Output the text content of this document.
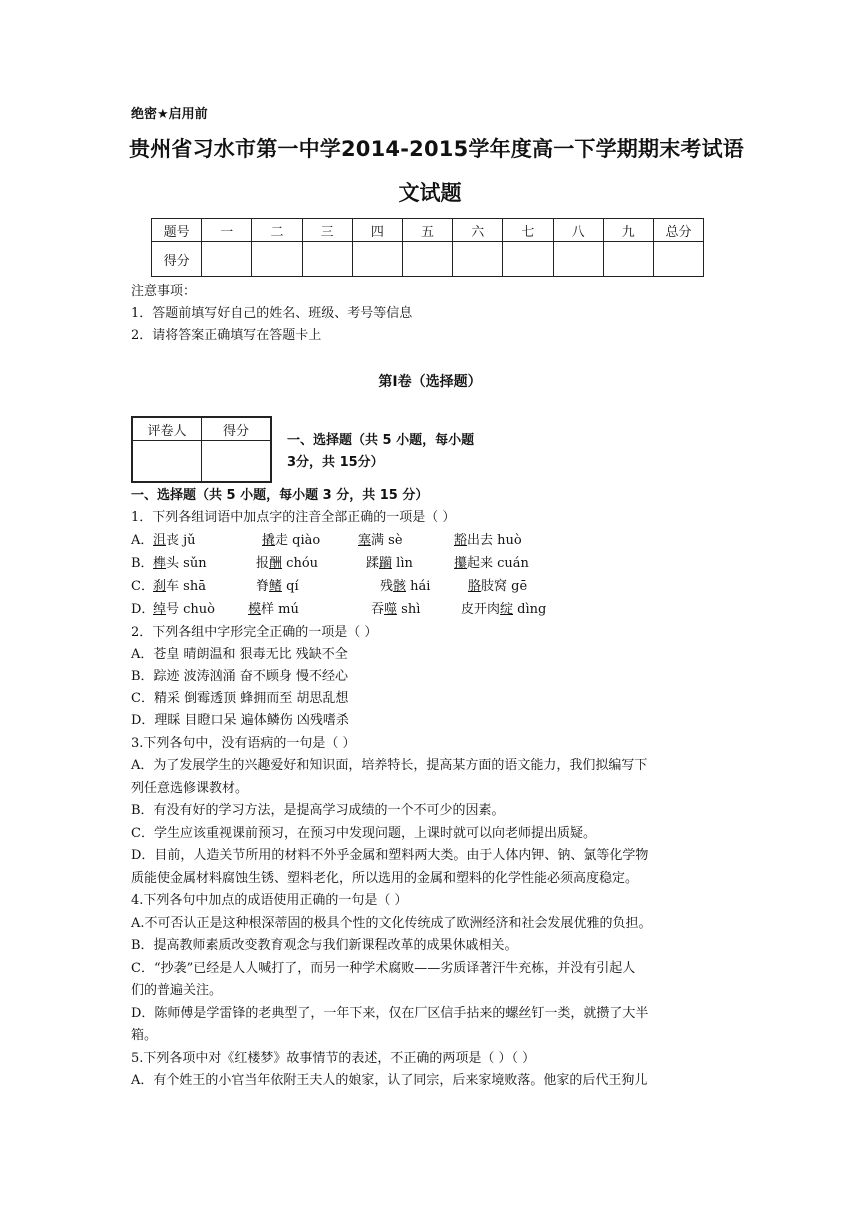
绝密★启用前
贵州省习水市第一中学2014-2015学年度高一下学期期末考试语
文试题
题号	一	二	三	四	五	六	七	八	九	总分
得分										
注意事项：
1．答题前填写好自己的姓名、班级、考号等信息
2．请将答案正确填写在答题卡上
第I卷（选择题）
评卷人	得分

一、选择题（共 5 小题，每小题
3分，共 15分）
一、选择题（共 5 小题，每小题 3 分，共 15 分）
1．下列各组词语中加点字的注音全部正确的一项是（ ）
A． 沮丧 jǔ	撬走 qiào	塞满 sè	豁出去 huò
B． 榫头 sǔn	报酬 chóu	蹂躏 lìn	攥起来 cuán
C． 刹车 shā	脊鳍 qí	残骸 hái	胳肢窝 gē
D．
绰号 chuò	模样 mú	吞噬 shì	皮开肉绽 dìng
2．下列各组中字形完全正确的一项是（ ）
A．苍皇 晴朗温和 狠毒无比 残缺不全
B．踪迹 波涛汹涌 奋不顾身 慢不经心
C．精采 倒霉透顶 蜂拥而至 胡思乱想
D．理睬 目瞪口呆 遍体鳞伤 凶残嗜杀
3.下列各句中，没有语病的一句是（ ）
A．为了发展学生的兴趣爱好和知识面，培养特长，提高某方面的语文能力，我们拟编写下
列任意选修课教材。
B．有没有好的学习方法，是提高学习成绩的一个不可少的因素。
C．学生应该重视课前预习，在预习中发现问题，上课时就可以向老师提出质疑。
D．目前，人造关节所用的材料不外乎金属和塑料两大类。由于人体内钾、钠、氯等化学物
质能使金属材料腐蚀生锈、塑料老化，所以选用的金属和塑料的化学性能必须高度稳定。
4.下列各句中加点的成语使用正确的一句是（ ）
A.不可否认正是这种根深蒂固的极具个性的文化传统成了欧洲经济和社会发展优雅的负担。
B．提高教师素质改变教育观念与我们新课程改革的成果休戚相关。
C．“抄袭”已经是人人喊打了，而另一种学术腐败——劣质译著汗牛充栋，并没有引起人
们的普遍关注。
D．陈师傅是学雷锋的老典型了，一年下来，仅在厂区信手拈来的螺丝钉一类，就攒了大半
箱。
5.下列各项中对《红楼梦》故事情节的表述，不正确的两项是（ ）（ ）
A．有个姓王的小官当年依附王夫人的娘家，认了同宗，后来家境败落。他家的后代王狗儿
